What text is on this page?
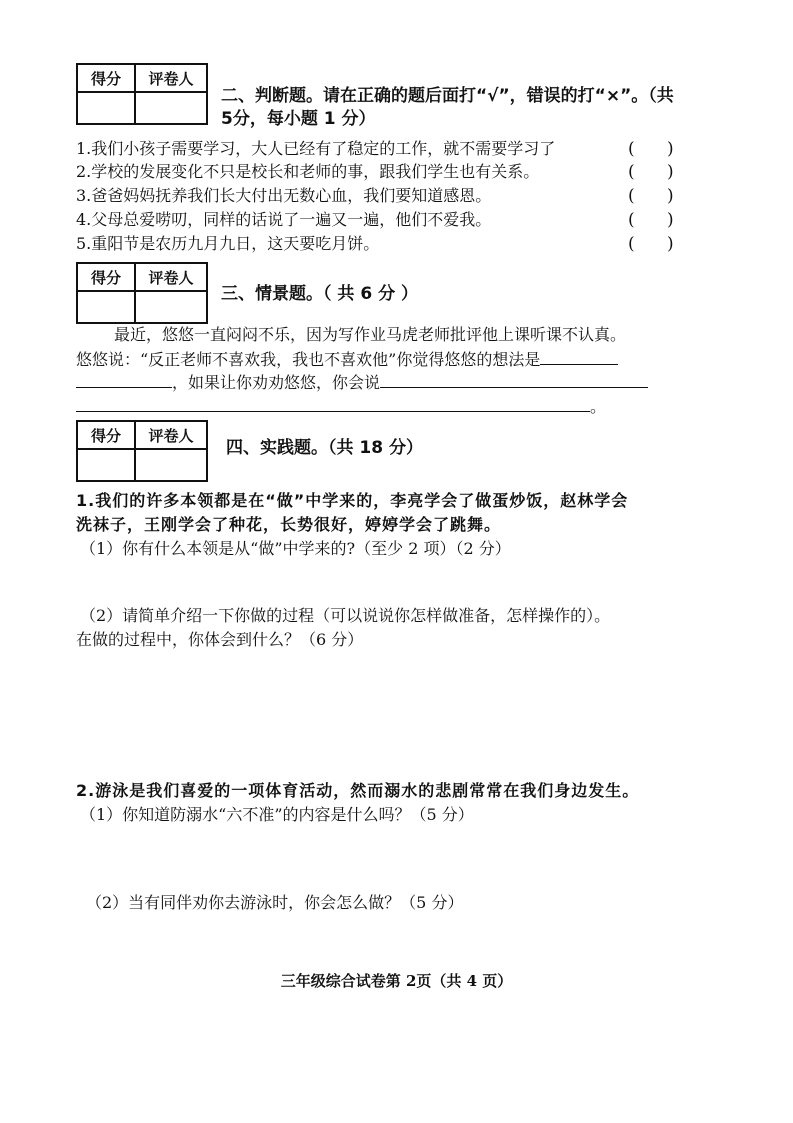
得分	评卷人

二、判断题。请在正确的题后面打“√”，错误的打“×”。（共
5分，每小题 1 分）
1.我们小孩子需要学习，大人已经有了稳定的工作，就不需要学习了	(      )
2.学校的发展变化不只是校长和老师的事，跟我们学生也有关系。	(      )
3.爸爸妈妈抚养我们长大付出无数心血，我们要知道感恩。	(      )
4.父母总爱唠叨，同样的话说了一遍又一遍，他们不爱我。	(      )
5.重阳节是农历九月九日，这天要吃月饼。	(      )
得分	评卷人

三、情景题。（ 共 6 分 ）
最近，悠悠一直闷闷不乐，因为写作业马虎老师批评他上课听课不认真。
悠悠说：“反正老师不喜欢我，我也不喜欢他”你觉得悠悠的想法是
，如果让你劝劝悠悠，你会说
。
得分	评卷人

四、实践题。（共 18 分）
1.我们的许多本领都是在“做”中学来的，李亮学会了做蛋炒饭，赵林学会
洗袜子，王刚学会了种花，长势很好，婷婷学会了跳舞。
（1）你有什么本领是从“做”中学来的?（至少 2 项）（2 分）
（2）请简单介绍一下你做的过程（可以说说你怎样做准备，怎样操作的）。
在做的过程中，你体会到什么？（6 分）
2.游泳是我们喜爱的一项体育活动，然而溺水的悲剧常常在我们身边发生。
（1）你知道防溺水“六不准”的内容是什么吗？（5 分）
（2）当有同伴劝你去游泳时，你会怎么做？（5 分）
三年级综合试卷第 2页（共 4 页）
